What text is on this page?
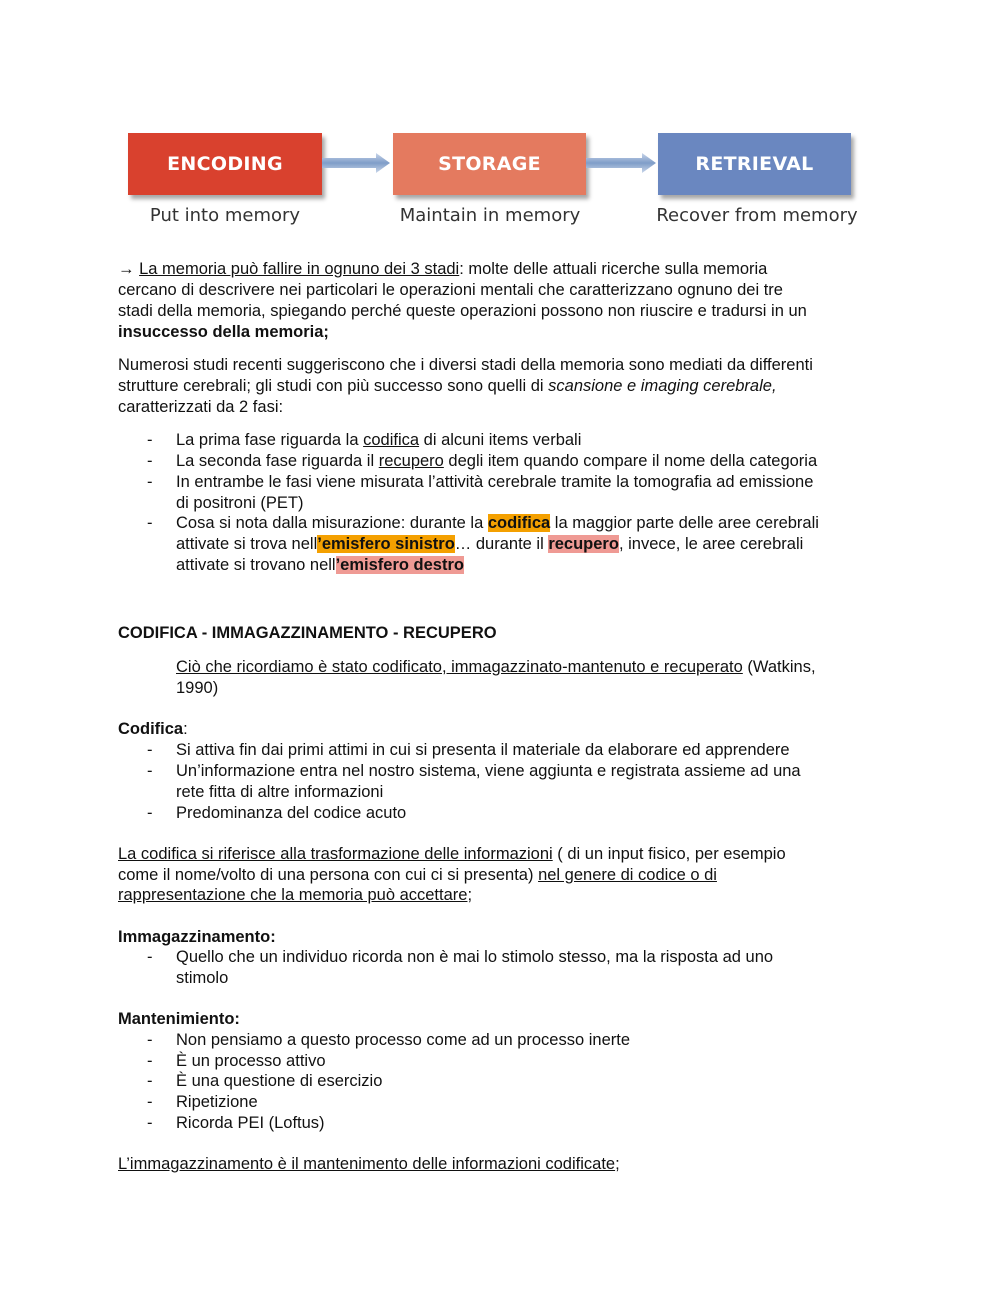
ENCODING	STORAGE	RETRIEVAL
Put into memory	Maintain in memory	Recover from memory
→ La memoria può fallire in ognuno dei 3 stadi: molte delle attuali ricerche sulla memoria
cercano di descrivere nei particolari le operazioni mentali che caratterizzano ognuno dei tre
stadi della memoria, spiegando perché queste operazioni possono non riuscire e tradursi in un
insuccesso della memoria;
Numerosi studi recenti suggeriscono che i diversi stadi della memoria sono mediati da differenti
strutture cerebrali; gli studi con più successo sono quelli di scansione e imaging cerebrale,
caratterizzati da 2 fasi:
- La prima fase riguarda la codifica di alcuni items verbali
- La seconda fase riguarda il recupero degli item quando compare il nome della categoria
- In entrambe le fasi viene misurata l’attività cerebrale tramite la tomografia ad emissione
di positroni (PET)
- Cosa si nota dalla misurazione: durante la codifica la maggior parte delle aree cerebrali
attivate si trova nell’emisfero sinistro… durante il recupero, invece, le aree cerebrali
attivate si trovano nell’emisfero destro
CODIFICA - IMMAGAZZINAMENTO - RECUPERO
Ciò che ricordiamo è stato codificato, immagazzinato-mantenuto e recuperato (Watkins,
1990)
Codifica:
- Si attiva fin dai primi attimi in cui si presenta il materiale da elaborare ed apprendere
- Un’informazione entra nel nostro sistema, viene aggiunta e registrata assieme ad una
rete fitta di altre informazioni
- Predominanza del codice acuto
La codifica si riferisce alla trasformazione delle informazioni ( di un input fisico, per esempio
come il nome/volto di una persona con cui ci si presenta) nel genere di codice o di
rappresentazione che la memoria può accettare;
Immagazzinamento:
- Quello che un individuo ricorda non è mai lo stimolo stesso, ma la risposta ad uno
stimolo
Mantenimiento:
- Non pensiamo a questo processo come ad un processo inerte
- È un processo attivo
- È una questione di esercizio
- Ripetizione
- Ricorda PEI (Loftus)
L’immagazzinamento è il mantenimento delle informazioni codificate;
